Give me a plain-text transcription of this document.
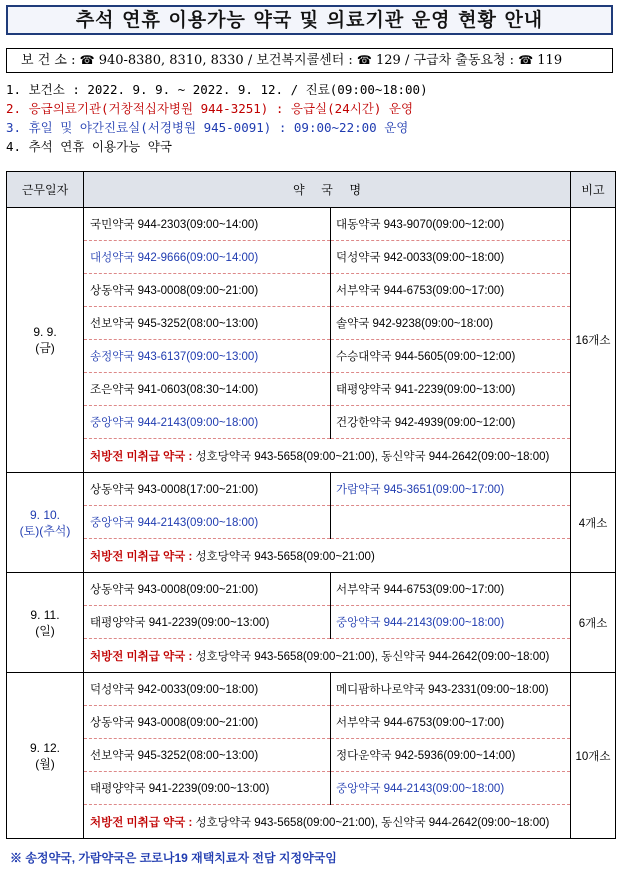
추석 연휴 이용가능 약국 및 의료기관 운영 현황 안내
보 건 소 : ☎ 940-8380, 8310, 8330 / 보건복지콜센터 : ☎ 129 / 구급차 출동요청 : ☎ 119
1. 보건소 : 2022. 9. 9. ~ 2022. 9. 12. / 진료(09:00~18:00)
2. 응급의료기관(거창적십자병원 944-3251) : 응급실(24시간) 운영
3. 휴일 및 야간진료실(서경병원 945-0091) : 09:00~22:00 운영
4. 추석 연휴 이용가능 약국
근무일자	약     국     명		비고

9. 9.
(금)	국민약국 944-2303(09:00~14:00)	대동약국 943-9070(09:00~12:00)	16개소
	대성약국 942-9666(09:00~14:00)	덕성약국 942-0033(09:00~18:00)	
	상동약국 943-0008(09:00~21:00)	서부약국 944-6753(09:00~17:00)	
	선보약국 945-3252(08:00~13:00)	솔약국 942-9238(09:00~18:00)	
	송정약국 943-6137(09:00~13:00)	수승대약국 944-5605(09:00~12:00)	
	조은약국 941-0603(08:30~14:00)	태평양약국 941-2239(09:00~13:00)	
	중앙약국 944-2143(09:00~18:00)	건강한약국 942-4939(09:00~12:00)	
	처방전 미취급 약국 : 성호당약국 943-5658(09:00~21:00), 동신약국 944-2642(09:00~18:00)		

9. 10.
(토)(추석)	상동약국 943-0008(17:00~21:00)	가람약국 945-3651(09:00~17:00)	4개소
	중앙약국 944-2143(09:00~18:00)		
	처방전 미취급 약국 : 성호당약국 943-5658(09:00~21:00)		

9. 11.
(일)	상동약국 943-0008(09:00~21:00)	서부약국 944-6753(09:00~17:00)	6개소
	태평양약국 941-2239(09:00~13:00)	중앙약국 944-2143(09:00~18:00)	
	처방전 미취급 약국 : 성호당약국 943-5658(09:00~21:00), 동신약국 944-2642(09:00~18:00)		

9. 12.
(월)	덕성약국 942-0033(09:00~18:00)	메디팜하나로약국 943-2331(09:00~18:00)	10개소
	상동약국 943-0008(09:00~21:00)	서부약국 944-6753(09:00~17:00)	
	선보약국 945-3252(08:00~13:00)	정다운약국 942-5936(09:00~14:00)	
	태평양약국 941-2239(09:00~13:00)	중앙약국 944-2143(09:00~18:00)	
	처방전 미취급 약국 : 성호당약국 943-5658(09:00~21:00), 동신약국 944-2642(09:00~18:00)		
※ 송정약국, 가람약국은 코로나19 재택치료자 전담 지정약국임
